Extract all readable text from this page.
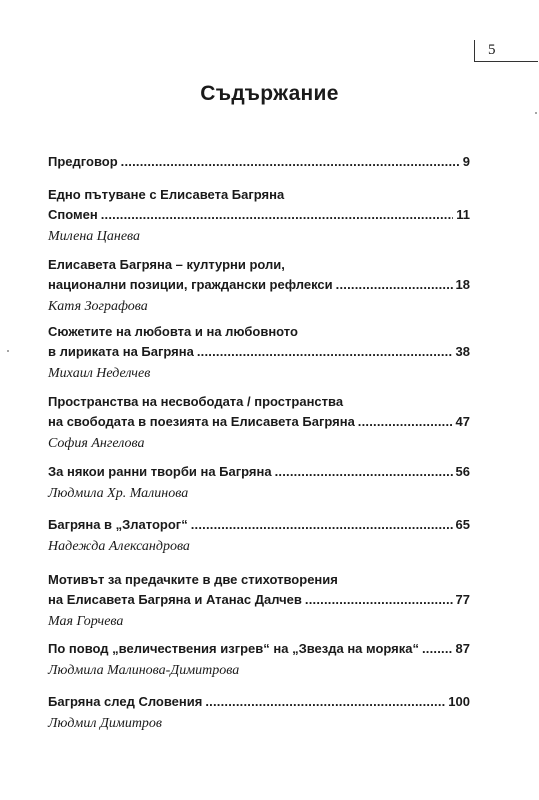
5
Съдържание
Предговор .....	9
Едно пътуване с Елисавета Багряна
Спомен .....	11
Милена Цанева
Елисавета Багряна – културни роли,
национални позиции, граждански рефлекси .....	18
Катя Зографова
Сюжетите на любовта и на любовното
в лириката на Багряна .....	38
Михаил Неделчев
Пространства на несвободата / пространства
на свободата в поезията на Елисавета Багряна .....	47
София Ангелова
За някои ранни творби на Багряна .....	56
Людмила Хр. Малинова
Багряна в „Златорог“ .....	65
Надежда Александрова
Мотивът за предачките в две стихотворения
на Елисавета Багряна и Атанас Далчев .....	77
Мая Горчева
По повод „величествения изгрев“ на „Звезда на моряка“ .....	87
Людмила Малинова-Димитрова
Багряна след Словения .....	100
Людмил Димитров
